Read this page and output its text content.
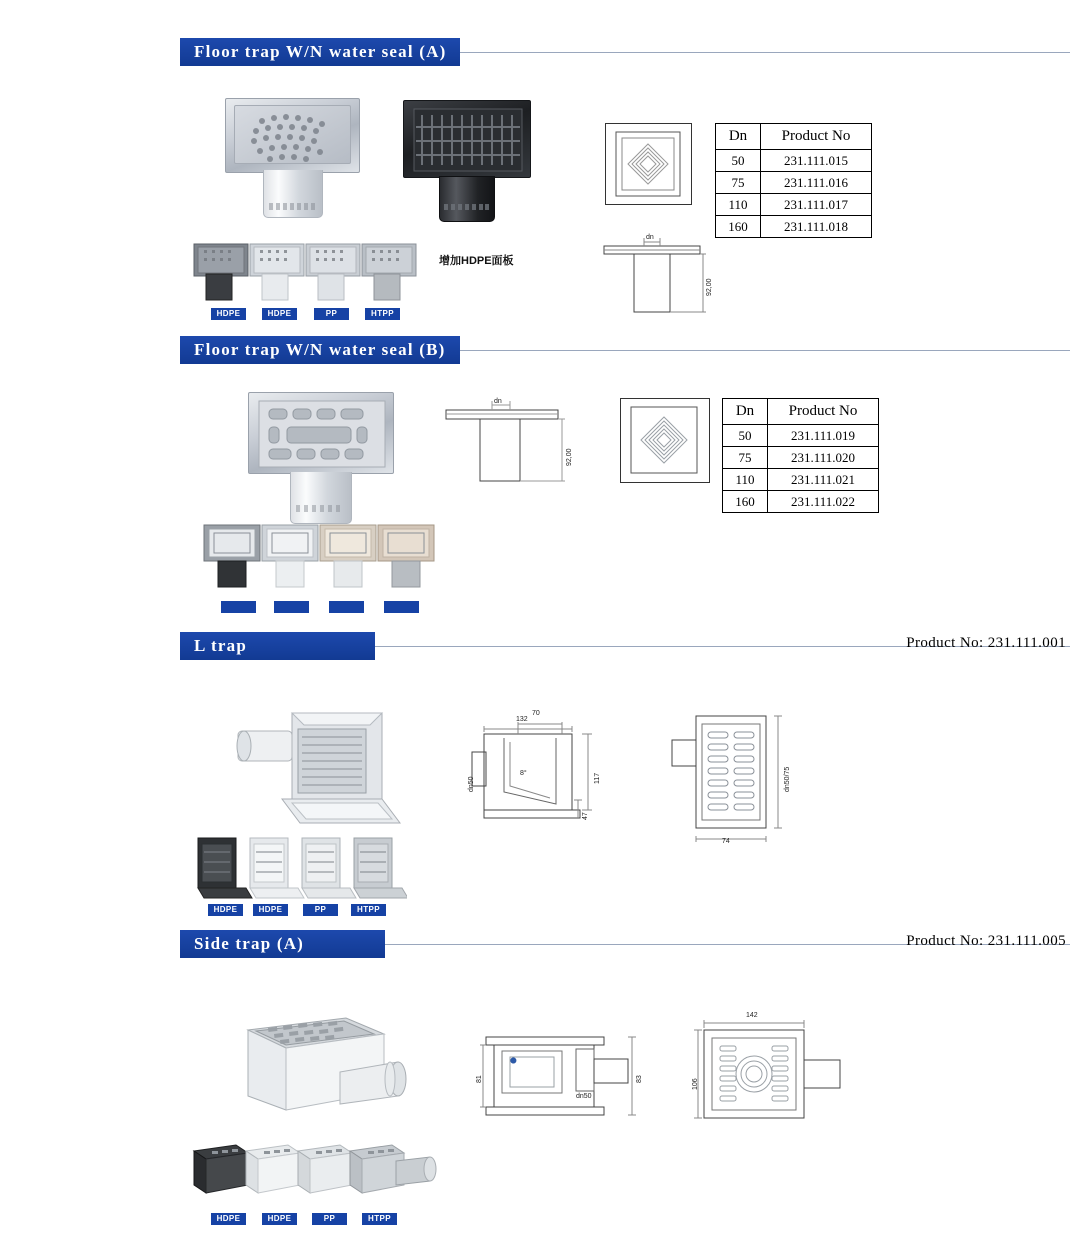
Floor trap W/N water seal (A)
增加HDPE面板
dn
92,00
Dn	Product No
50	231.111.015
75	231.111.016
110	231.111.017
160	231.111.018
HDPE	HDPE	PP	HTPP
Floor trap W/N water seal (B)
dn
92,00
Dn	Product No
50	231.111.019
75	231.111.020
110	231.111.021
160	231.111.022
L trap	Product No: 231.111.001
132
70
117
47
dn50
8°
74
dn50/75
HDPE	HDPE	PP	HTPP
Side trap (A)	Product No: 231.111.005
81	83
dn50
⬤
142
106
HDPE	HDPE	PP	HTPP
